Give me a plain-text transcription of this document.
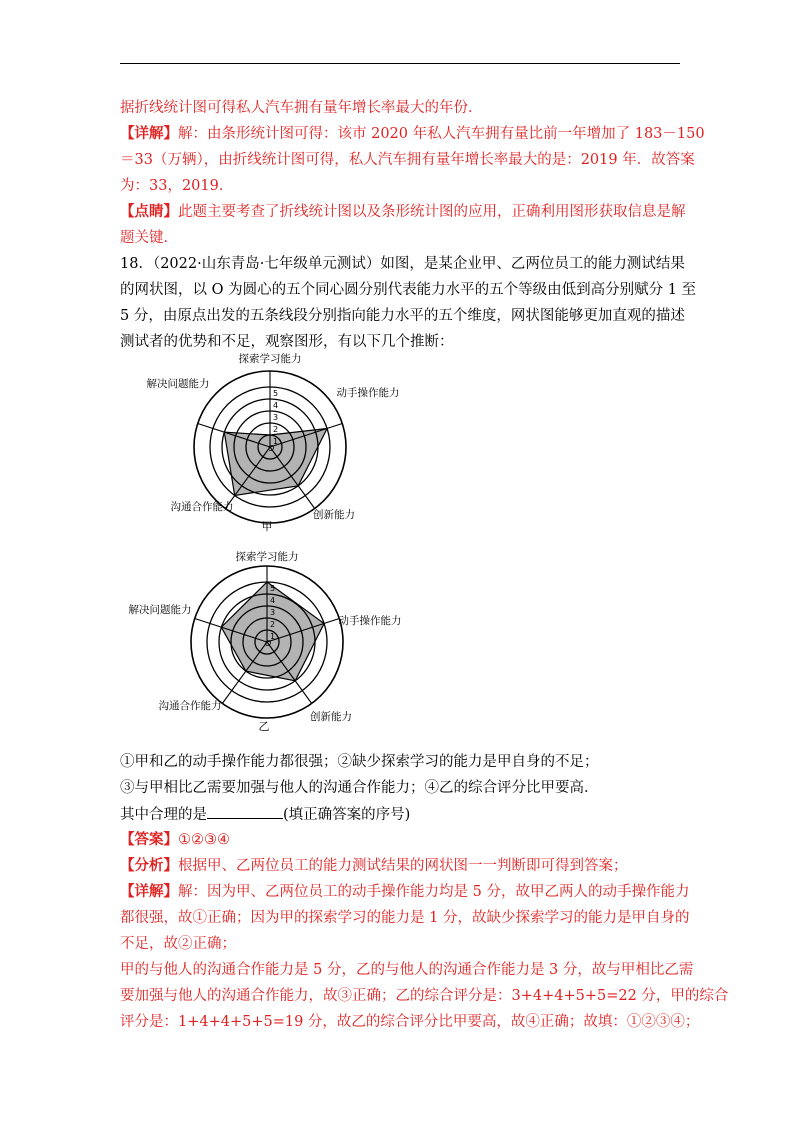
据折线统计图可得私人汽车拥有量年增长率最大的年份．
【详解】解：由条形统计图可得：该市 2020 年私人汽车拥有量比前一年增加了 183－150
＝33（万辆），由折线统计图可得，私人汽车拥有量年增长率最大的是：2019 年．故答案
为：33，2019．
【点睛】此题主要考查了折线统计图以及条形统计图的应用，正确利用图形获取信息是解
题关键．
18．（2022·山东青岛·七年级单元测试）如图，是某企业甲、乙两位员工的能力测试结果
的网状图，以 O 为圆心的五个同心圆分别代表能力水平的五个等级由低到高分别赋分 1 至
5 分，由原点出发的五条线段分别指向能力水平的五个维度，网状图能够更加直观的描述
测试者的优势和不足，观察图形，有以下几个推断：
1
2
3
4
5
O
探索学习能力
动手操作能力
创新能力
沟通合作能力
解决问题能力
甲
1
2
3
4
5
O
探索学习能力
动手操作能力
创新能力
沟通合作能力
解决问题能力
乙
①甲和乙的动手操作能力都很强；②缺少探索学习的能力是甲自身的不足；
③与甲相比乙需要加强与他人的沟通合作能力；④乙的综合评分比甲要高．
其中合理的是	(填正确答案的序号)
【答案】①②③④
【分析】根据甲、乙两位员工的能力测试结果的网状图一一判断即可得到答案；
【详解】解：因为甲、乙两位员工的动手操作能力均是 5 分，故甲乙两人的动手操作能力
都很强，故①正确；因为甲的探索学习的能力是 1 分，故缺少探索学习的能力是甲自身的
不足，故②正确；
甲的与他人的沟通合作能力是 5 分，乙的与他人的沟通合作能力是 3 分，故与甲相比乙需
要加强与他人的沟通合作能力，故③正确；乙的综合评分是：3+4+4+5+5=22 分，甲的综合
评分是：1+4+4+5+5=19 分，故乙的综合评分比甲要高，故④正确；故填：①②③④；
